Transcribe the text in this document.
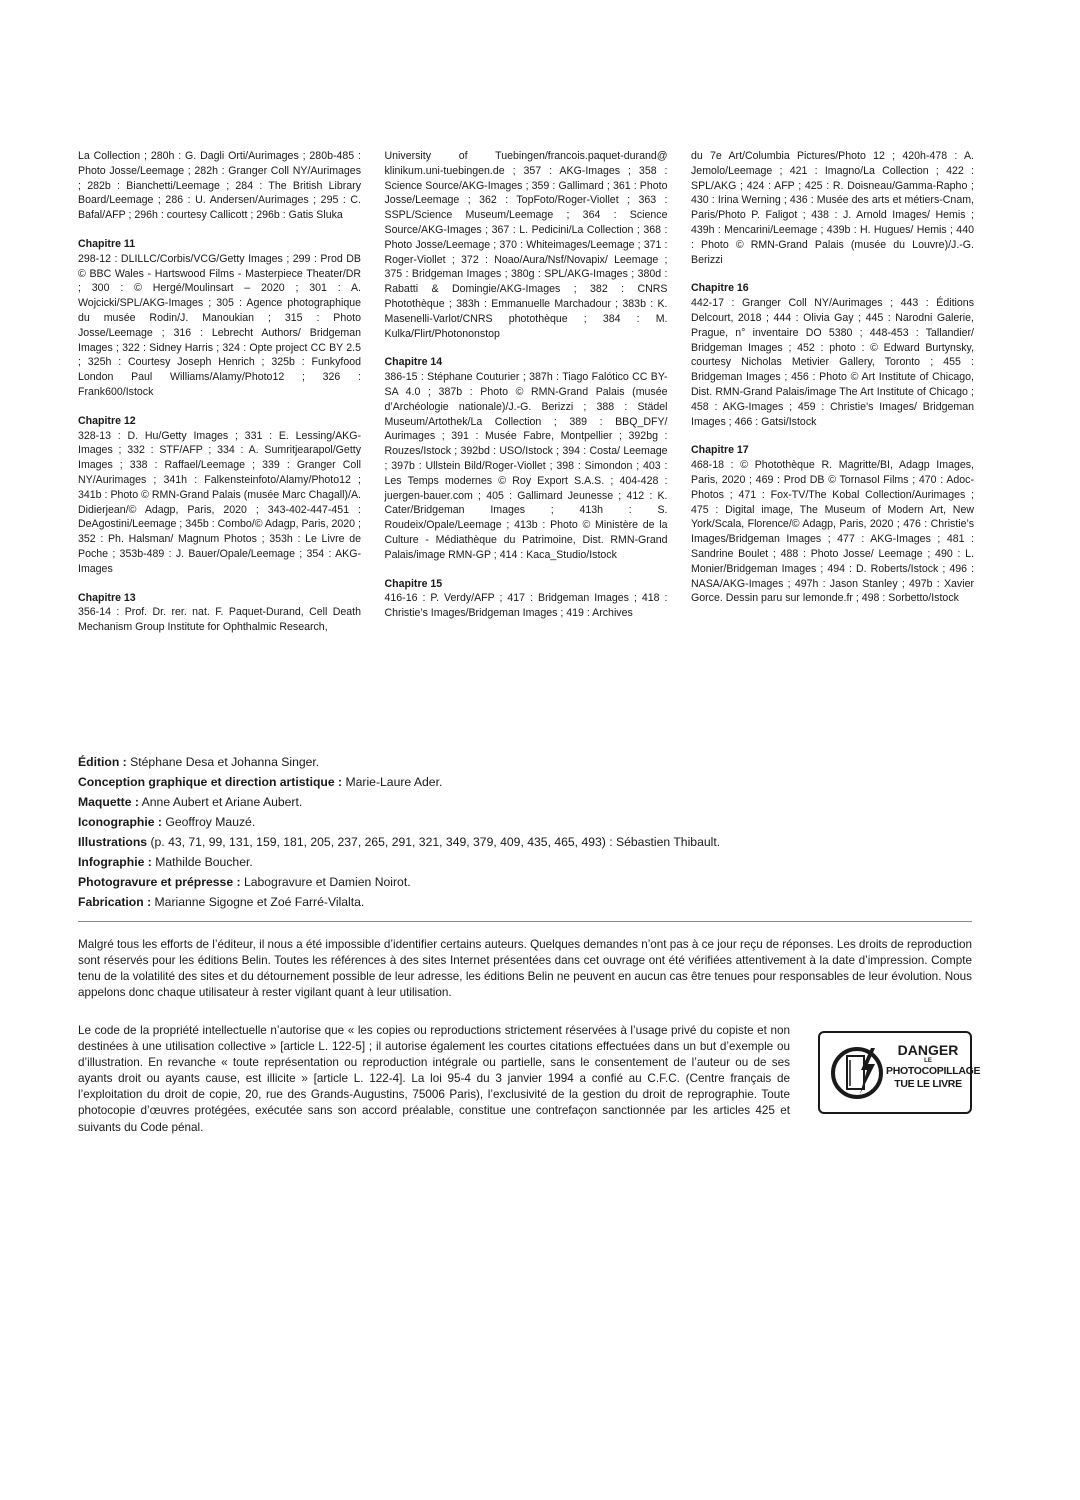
La Collection ; 280h : G. Dagli Orti/Aurimages ; 280b-485 : Photo Josse/Leemage ; 282h : Granger Coll NY/Aurimages ; 282b : Bianchetti/Leemage ; 284 : The British Library Board/Leemage ; 286 : U. Andersen/Aurimages ; 295 : C. Bafal/AFP ; 296h : courtesy Callicott ; 296b : Gatis Sluka

Chapitre 11

298-12 : DLILLC/Corbis/VCG/Getty Images ; 299 : Prod DB © BBC Wales - Hartswood Films - Masterpiece Theater/DR ; 300 : © Hergé/Moulinsart – 2020 ; 301 : A. Wojcicki/SPL/AKG-Images ; 305 : Agence photographique du musée Rodin/J. Manoukian ; 315 : Photo Josse/Leemage ; 316 : Lebrecht Authors/ Bridgeman Images ; 322 : Sidney Harris ; 324 : Opte project CC BY 2.5 ; 325h : Courtesy Joseph Henrich ; 325b : Funkyfood London Paul Williams/Alamy/Photo12 ; 326 : Frank600/Istock

Chapitre 12

328-13 : D. Hu/Getty Images ; 331 : E. Lessing/AKG-Images ; 332 : STF/AFP ; 334 : A. Sumritjearapol/Getty Images ; 338 : Raffael/Leemage ; 339 : Granger Coll NY/Aurimages ; 341h : Falkensteinfoto/Alamy/Photo12 ; 341b : Photo © RMN-Grand Palais (musée Marc Chagall)/A. Didierjean/© Adagp, Paris, 2020 ; 343-402-447-451 : DeAgostini/Leemage ; 345b : Combo/© Adagp, Paris, 2020 ; 352 : Ph. Halsman/ Magnum Photos ; 353h : Le Livre de Poche ; 353b-489 : J. Bauer/Opale/Leemage ; 354 : AKG-Images

Chapitre 13

356-14 : Prof. Dr. rer. nat. F. Paquet-Durand, Cell Death Mechanism Group Institute for Ophthalmic Research,

University of Tuebingen/francois.paquet-durand@ klinikum.uni-tuebingen.de ; 357 : AKG-Images ; 358 : Science Source/AKG-Images ; 359 : Gallimard ; 361 : Photo Josse/Leemage ; 362 : TopFoto/Roger-Viollet ; 363 : SSPL/Science Museum/Leemage ; 364 : Science Source/AKG-Images ; 367 : L. Pedicini/La Collection ; 368 : Photo Josse/Leemage ; 370 : Whiteimages/Leemage ; 371 : Roger-Viollet ; 372 : Noao/Aura/Nsf/Novapix/ Leemage ; 375 : Bridgeman Images ; 380g : SPL/AKG-Images ; 380d : Rabatti & Domingie/AKG-Images ; 382 : CNRS Photothèque ; 383h : Emmanuelle Marchadour ; 383b : K. Masenelli-Varlot/CNRS photothèque ; 384 : M. Kulka/Flirt/Photononstop

Chapitre 14

386-15 : Stéphane Couturier ; 387h : Tiago Falótico CC BY-SA 4.0 ; 387b : Photo © RMN-Grand Palais (musée d’Archéologie nationale)/J.-G. Berizzi ; 388 : Städel Museum/Artothek/La Collection ; 389 : BBQ_DFY/ Aurimages ; 391 : Musée Fabre, Montpellier ; 392bg : Rouzes/Istock ; 392bd : USO/Istock ; 394 : Costa/ Leemage ; 397b : Ullstein Bild/Roger-Viollet ; 398 : Simondon ; 403 : Les Temps modernes © Roy Export S.A.S. ; 404-428 : juergen-bauer.com ; 405 : Gallimard Jeunesse ; 412 : K. Cater/Bridgeman Images ; 413h : S. Roudeix/Opale/Leemage ; 413b : Photo © Ministère de la Culture - Médiathèque du Patrimoine, Dist. RMN-Grand Palais/image RMN-GP ; 414 : Kaca_Studio/Istock

Chapitre 15

416-16 : P. Verdy/AFP ; 417 : Bridgeman Images ; 418 : Christie’s Images/Bridgeman Images ; 419 : Archives

du 7e Art/Columbia Pictures/Photo 12 ; 420h-478 : A. Jemolo/Leemage ; 421 : Imagno/La Collection ; 422 : SPL/AKG ; 424 : AFP ; 425 : R. Doisneau/Gamma-Rapho ; 430 : Irina Werning ; 436 : Musée des arts et métiers-Cnam, Paris/Photo P. Faligot ; 438 : J. Arnold Images/ Hemis ; 439h : Mencarini/Leemage ; 439b : H. Hugues/ Hemis ; 440 : Photo © RMN-Grand Palais (musée du Louvre)/J.-G. Berizzi

Chapitre 16

442-17 : Granger Coll NY/Aurimages ; 443 : Éditions Delcourt, 2018 ; 444 : Olivia Gay ; 445 : Narodni Galerie, Prague, n° inventaire DO 5380 ; 448-453 : Tallandier/ Bridgeman Images ; 452 : photo : © Edward Burtynsky, courtesy Nicholas Metivier Gallery, Toronto ; 455 : Bridgeman Images ; 456 : Photo © Art Institute of Chicago, Dist. RMN-Grand Palais/image The Art Institute of Chicago ; 458 : AKG-Images ; 459 : Christie’s Images/ Bridgeman Images ; 466 : Gatsi/Istock

Chapitre 17

468-18 : © Photothèque R. Magritte/BI, Adagp Images, Paris, 2020 ; 469 : Prod DB © Tornasol Films ; 470 : Adoc-Photos ; 471 : Fox-TV/The Kobal Collection/Aurimages ; 475 : Digital image, The Museum of Modern Art, New York/Scala, Florence/© Adagp, Paris, 2020 ; 476 : Christie’s Images/Bridgeman Images ; 477 : AKG-Images ; 481 : Sandrine Boulet ; 488 : Photo Josse/ Leemage ; 490 : L. Monier/Bridgeman Images ; 494 : D. Roberts/Istock ; 496 : NASA/AKG-Images ; 497h : Jason Stanley ; 497b : Xavier Gorce. Dessin paru sur lemonde.fr ; 498 : Sorbetto/Istock

Édition : Stéphane Desa et Johanna Singer.
Conception graphique et direction artistique : Marie-Laure Ader.
Maquette : Anne Aubert et Ariane Aubert.
Iconographie : Geoffroy Mauzé.
Illustrations (p. 43, 71, 99, 131, 159, 181, 205, 237, 265, 291, 321, 349, 379, 409, 435, 465, 493) : Sébastien Thibault.
Infographie : Mathilde Boucher.
Photogravure et prépresse : Labogravure et Damien Noirot.
Fabrication : Marianne Sigogne et Zoé Farré-Vilalta.

Malgré tous les efforts de l’éditeur, il nous a été impossible d’identifier certains auteurs. Quelques demandes n’ont pas à ce jour reçu de réponses. Les droits de reproduction sont réservés pour les éditions Belin. Toutes les références à des sites Internet présentées dans cet ouvrage ont été vérifiées attentivement à la date d’impression. Compte tenu de la volatilité des sites et du détournement possible de leur adresse, les éditions Belin ne peuvent en aucun cas être tenues pour responsables de leur évolution. Nous appelons donc chaque utilisateur à rester vigilant quant à leur utilisation.

Le code de la propriété intellectuelle n’autorise que « les copies ou reproductions strictement réservées à l’usage privé du copiste et non destinées à une utilisation collective » [article L. 122-5] ; il autorise également les courtes citations effectuées dans un but d’exemple ou d’illustration. En revanche « toute représentation ou reproduction intégrale ou partielle, sans le consentement de l’auteur ou de ses ayants droit ou ayants cause, est illicite » [article L. 122-4]. La loi 95-4 du 3 janvier 1994 a confié au C.F.C. (Centre français de l’exploitation du droit de copie, 20, rue des Grands-Augustins, 75006 Paris), l’exclusivité de la gestion du droit de reprographie. Toute photocopie d’œuvres protégées, exécutée sans son accord préalable, constitue une contrefaçon sanctionnée par les articles 425 et suivants du Code pénal.

DANGER
LE
PHOTOCOPILLAGE
TUE LE LIVRE
